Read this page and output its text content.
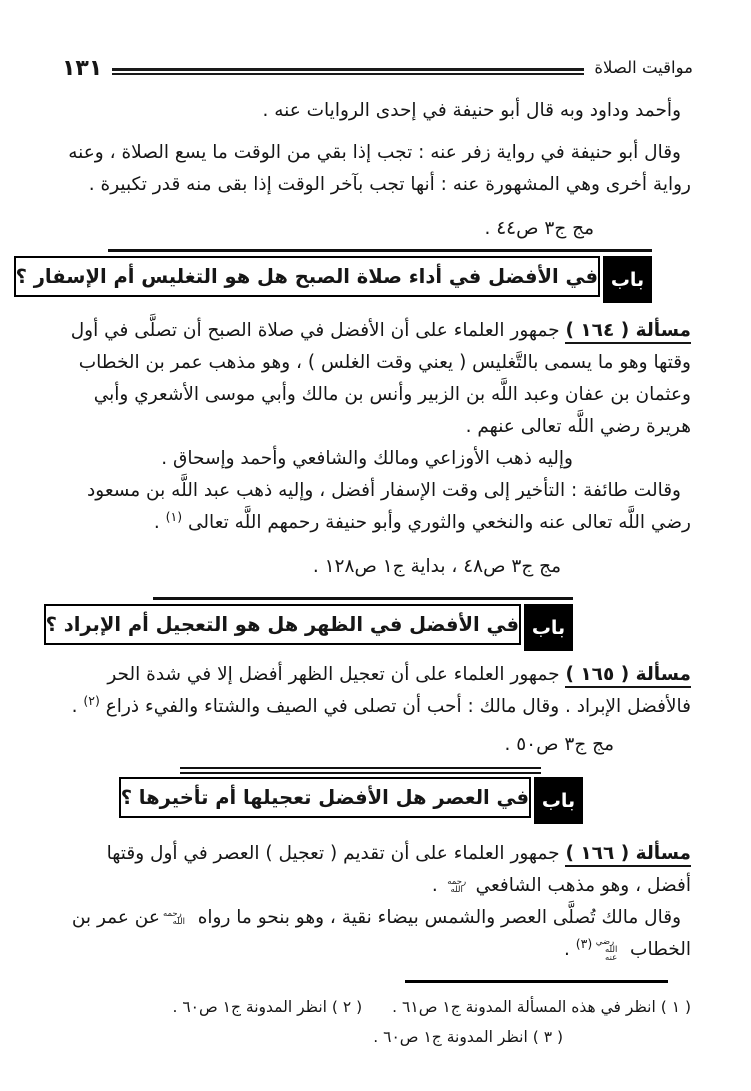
١٣١	مواقيت الصلاة

وأحمد وداود وبه قال أبو حنيفة في إحدى الروايات عنه .

وقال أبو حنيفة في رواية زفر عنه : تجب إذا بقي من الوقت ما يسع الصلاة ، وعنه رواية أخرى وهي المشهورة عنه : أنها تجب بآخر الوقت إذا بقى منه قدر تكبيرة .

مج ج٣ ص٤٤ .

باب
في الأفضل في أداء صلاة الصبح هل هو التغليس أم الإسفار ؟

مسألة ( ١٦٤ ) جمهور العلماء على أن الأفضل في صلاة الصبح أن تصلَّى في أول وقتها وهو ما يسمى بالتَّغليس ( يعني وقت الغلس ) ، وهو مذهب عمر بن الخطاب وعثمان بن عفان وعبد اللَّه بن الزبير وأنس بن مالك وأبي موسى الأشعري وأبي هريرة رضي اللَّه تعالى عنهم .

وإليه ذهب الأوزاعي ومالك والشافعي وأحمد وإسحاق .

وقالت طائفة : التأخير إلى وقت الإسفار أفضل ، وإليه ذهب عبد اللَّه بن مسعود رضي اللَّه تعالى عنه والنخعي والثوري وأبو حنيفة رحمهم اللَّه تعالى $^{(١)}$ .

مج ج٣ ص٤٨ ، بداية ج١ ص١٢٨ .

باب
في الأفضل في الظهر هل هو التعجيل أم الإبراد ؟

مسألة ( ١٦٥ ) جمهور العلماء على أن تعجيل الظهر أفضل إلا في شدة الحر فالأفضل الإبراد . وقال مالك : أحب أن تصلى في الصيف والشتاء والفيء ذراع $^{(٢)}$ .

مج ج٣ ص٥٠ .

باب
في العصر هل الأفضل تعجيلها أم تأخيرها ؟

مسألة ( ١٦٦ ) جمهور العلماء على أن تقديم ( تعجيل ) العصر في أول وقتها أفضل ، وهو مذهب الشافعي رحمه الله .

وقال مالك تُصلَّى العصر والشمس بيضاء نقية ، وهو بنحو ما رواه رحمه الله عن عمر بن الخطاب رضي الله عنه $^{(٣)}$ .

( ١ ) انظر في هذه المسألة المدونة ج١ ص٦١ .
( ٢ ) انظر المدونة ج١ ص٦٠ .
( ٣ ) انظر المدونة ج١ ص٦٠ .
